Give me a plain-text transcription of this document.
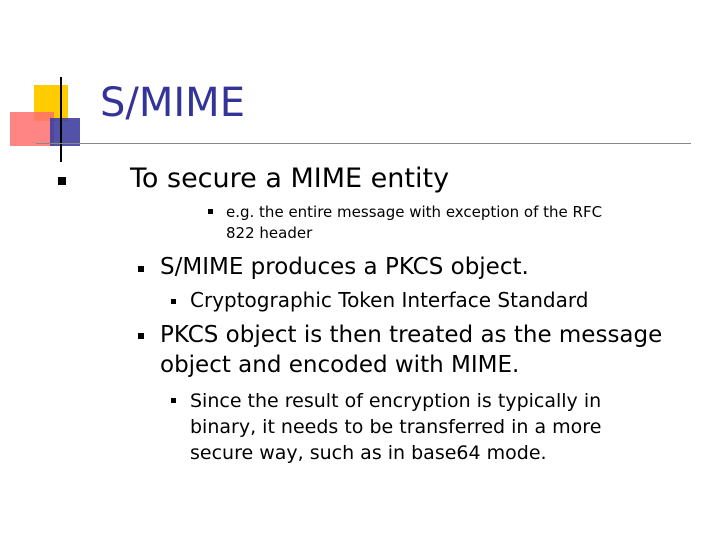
S/MIME
To secure a MIME entity
e.g. the entire message with exception of the RFC
822 header
S/MIME produces a PKCS object.
Cryptographic Token Interface Standard
PKCS object is then treated as the message
object and encoded with MIME.
Since the result of encryption is typically in
binary, it needs to be transferred in a more
secure way, such as in base64 mode.
